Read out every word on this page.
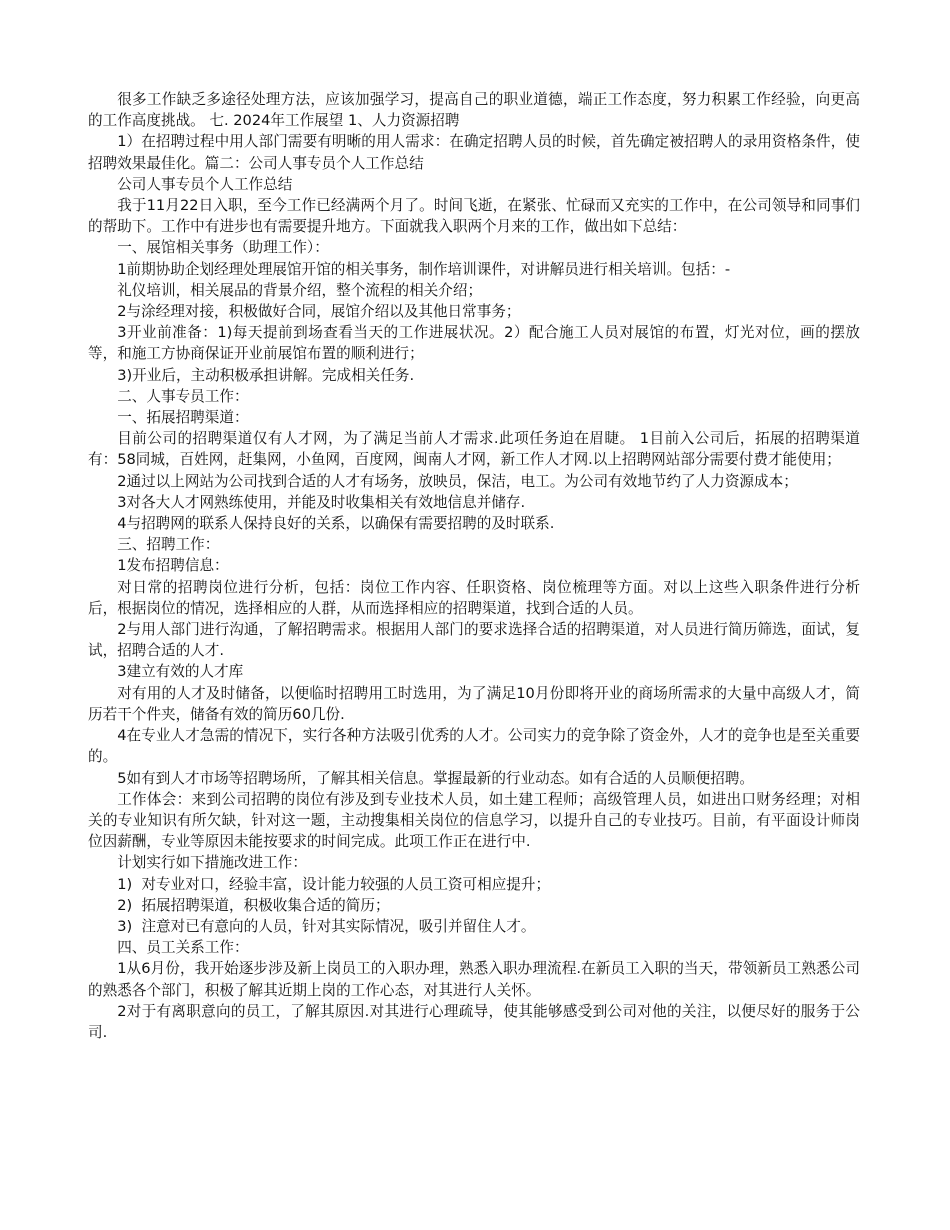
很多工作缺乏多途径处理方法，应该加强学习，提高自己的职业道德，端正工作态度，努力积累工作经验，向更高的工作高度挑战。 七. 2024年工作展望 1、人力资源招聘

1）在招聘过程中用人部门需要有明晰的用人需求：在确定招聘人员的时候，首先确定被招聘人的录用资格条件，使招聘效果最佳化。篇二：公司人事专员个人工作总结

公司人事专员个人工作总结

我于11月22日入职，至今工作已经满两个月了。时间飞逝，在紧张、忙碌而又充实的工作中，在公司领导和同事们的帮助下。工作中有进步也有需要提升地方。下面就我入职两个月来的工作，做出如下总结：

一、展馆相关事务（助理工作）：

1前期协助企划经理处理展馆开馆的相关事务，制作培训课件，对讲解员进行相关培训。包括：-

礼仪培训，相关展品的背景介绍，整个流程的相关介绍；

2与涂经理对接，积极做好合同，展馆介绍以及其他日常事务；

3开业前准备：1)每天提前到场查看当天的工作进展状况。2）配合施工人员对展馆的布置，灯光对位，画的摆放等，和施工方协商保证开业前展馆布置的顺利进行；

3)开业后，主动积极承担讲解。完成相关任务.

二、人事专员工作：

一、拓展招聘渠道：

目前公司的招聘渠道仅有人才网，为了满足当前人才需求.此项任务迫在眉睫。 1目前入公司后，拓展的招聘渠道有：58同城，百姓网，赶集网，小鱼网，百度网，闽南人才网，新工作人才网.以上招聘网站部分需要付费才能使用；

2通过以上网站为公司找到合适的人才有场务，放映员，保洁，电工。为公司有效地节约了人力资源成本；

3对各大人才网熟练使用，并能及时收集相关有效地信息并储存.

4与招聘网的联系人保持良好的关系，以确保有需要招聘的及时联系.

三、招聘工作：

1发布招聘信息：

对日常的招聘岗位进行分析，包括：岗位工作内容、任职资格、岗位梳理等方面。对以上这些入职条件进行分析后，根据岗位的情况，选择相应的人群，从而选择相应的招聘渠道，找到合适的人员。

2与用人部门进行沟通，了解招聘需求。根据用人部门的要求选择合适的招聘渠道，对人员进行简历筛选，面试，复试，招聘合适的人才.

3建立有效的人才库

对有用的人才及时储备，以便临时招聘用工时选用，为了满足10月份即将开业的商场所需求的大量中高级人才，简历若干个件夹，储备有效的简历60几份.

4在专业人才急需的情况下，实行各种方法吸引优秀的人才。公司实力的竞争除了资金外，人才的竞争也是至关重要的。

5如有到人才市场等招聘场所，了解其相关信息。掌握最新的行业动态。如有合适的人员顺便招聘。

工作体会：来到公司招聘的岗位有涉及到专业技术人员，如土建工程师；高级管理人员，如进出口财务经理；对相关的专业知识有所欠缺，针对这一题，主动搜集相关岗位的信息学习，以提升自己的专业技巧。目前，有平面设计师岗位因薪酬，专业等原因未能按要求的时间完成。此项工作正在进行中.

计划实行如下措施改进工作：

1)  对专业对口，经验丰富，设计能力较强的人员工资可相应提升；

2)  拓展招聘渠道，积极收集合适的简历；

3)  注意对已有意向的人员，针对其实际情况，吸引并留住人才。

四、员工关系工作：

1从6月份，我开始逐步涉及新上岗员工的入职办理，熟悉入职办理流程.在新员工入职的当天，带领新员工熟悉公司的熟悉各个部门，积极了解其近期上岗的工作心态，对其进行人关怀。

2对于有离职意向的员工，了解其原因.对其进行心理疏导，使其能够感受到公司对他的关注，以便尽好的服务于公司.
